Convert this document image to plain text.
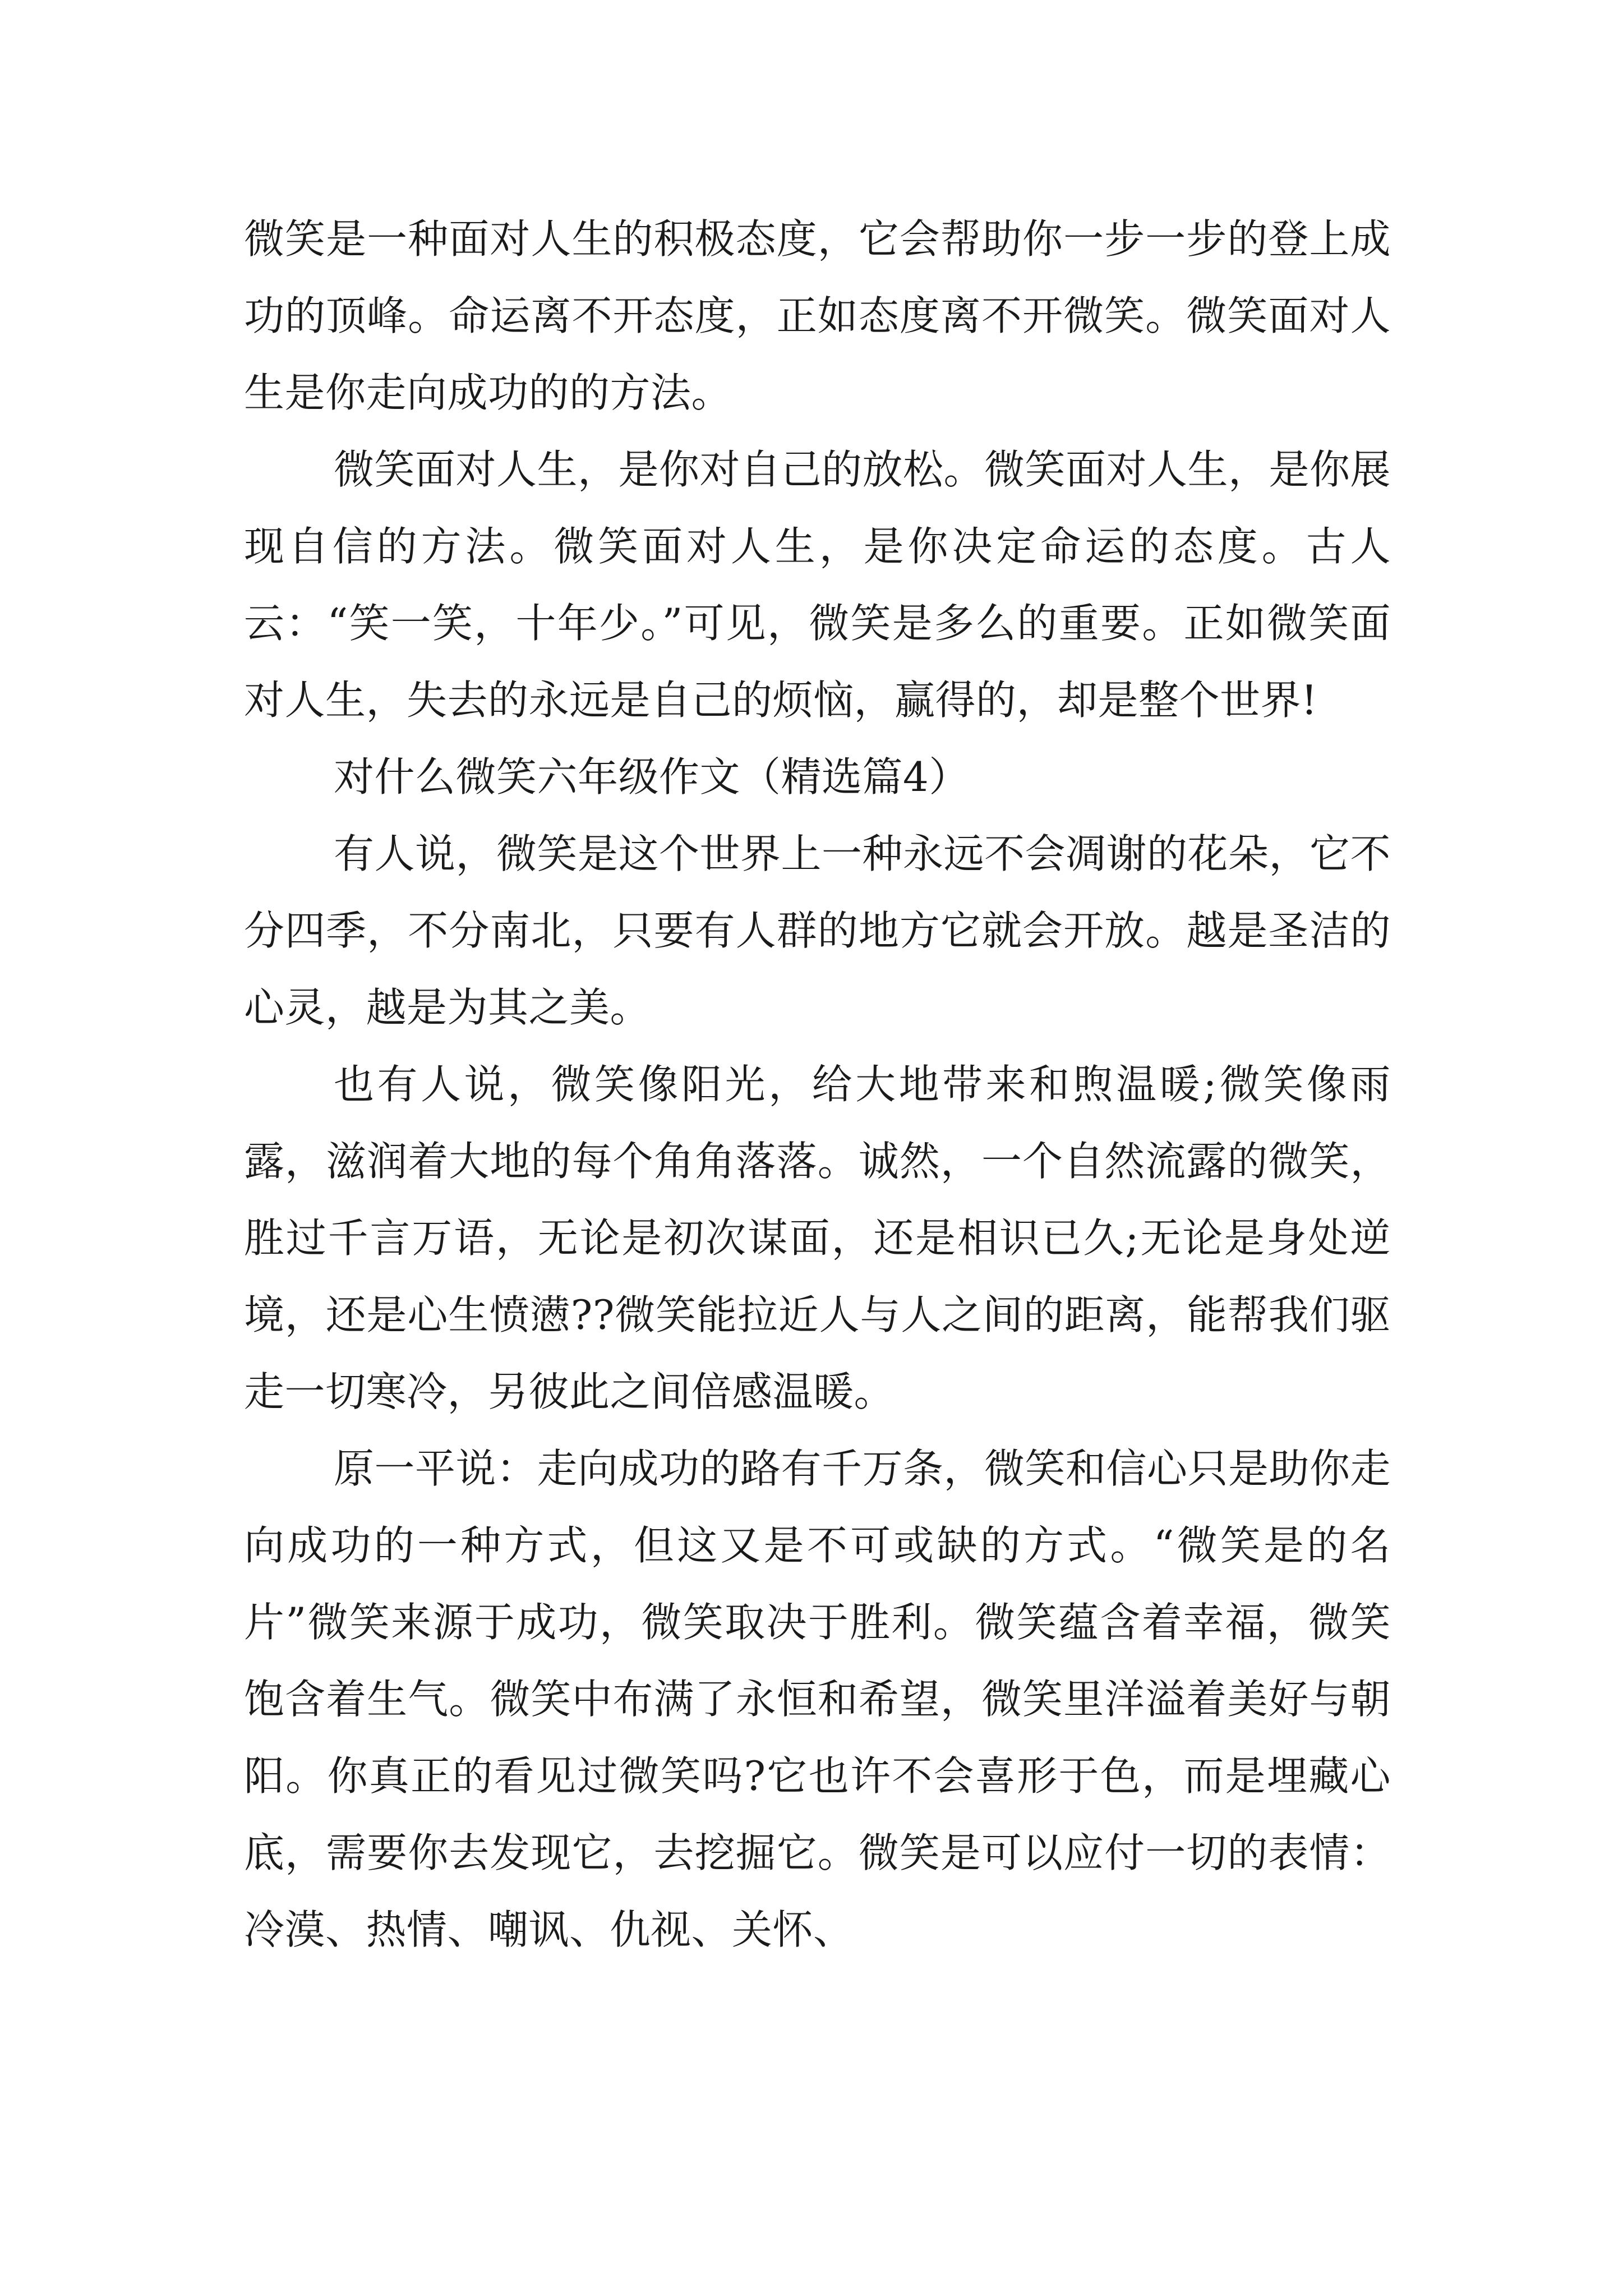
微笑是一种面对人生的积极态度，它会帮助你一步一步的登上成功的顶峰。命运离不开态度，正如态度离不开微笑。微笑面对人生是你走向成功的的方法。

微笑面对人生，是你对自己的放松。微笑面对人生，是你展现自信的方法。微笑面对人生，是你决定命运的态度。古人云：“笑一笑，十年少。”可见，微笑是多么的重要。正如微笑面对人生，失去的永远是自己的烦恼，赢得的，却是整个世界!

对什么微笑六年级作文（精选篇4）

有人说，微笑是这个世界上一种永远不会凋谢的花朵，它不分四季，不分南北，只要有人群的地方它就会开放。越是圣洁的心灵，越是为其之美。

也有人说，微笑像阳光，给大地带来和煦温暖;微笑像雨露，滋润着大地的每个角角落落。诚然，一个自然流露的微笑，胜过千言万语，无论是初次谋面，还是相识已久;无论是身处逆境，还是心生愤懑??微笑能拉近人与人之间的距离，能帮我们驱走一切寒冷，另彼此之间倍感温暖。

原一平说：走向成功的路有千万条，微笑和信心只是助你走向成功的一种方式，但这又是不可或缺的方式。“微笑是的名片”微笑来源于成功，微笑取决于胜利。微笑蕴含着幸福，微笑饱含着生气。微笑中布满了永恒和希望，微笑里洋溢着美好与朝阳。你真正的看见过微笑吗?它也许不会喜形于色，而是埋藏心底，需要你去发现它，去挖掘它。微笑是可以应付一切的表情：冷漠、热情、嘲讽、仇视、关怀、
